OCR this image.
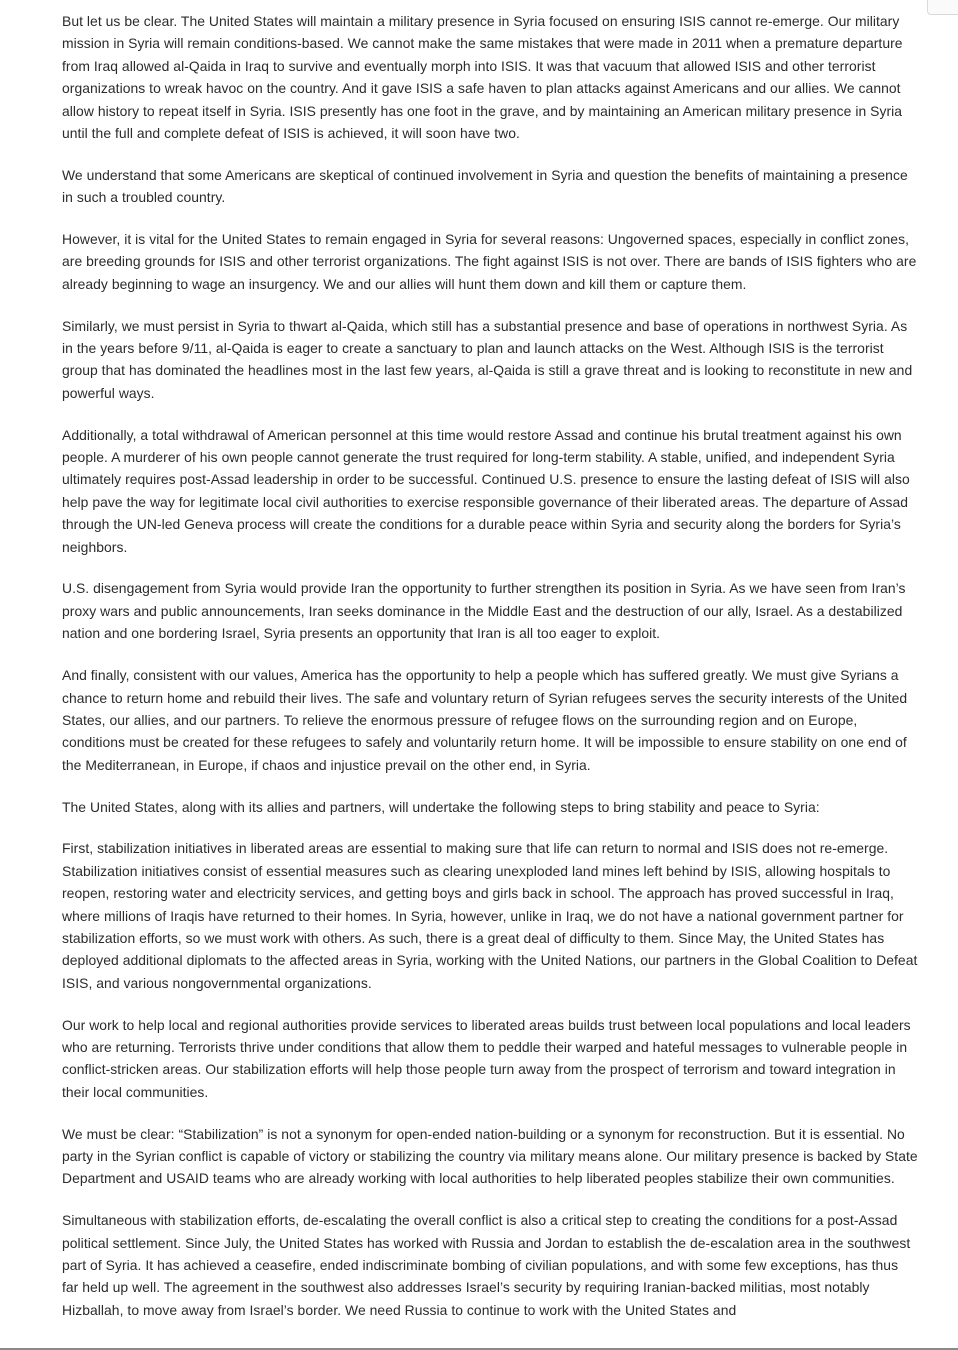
But let us be clear. The United States will maintain a military presence in Syria focused on ensuring ISIS cannot re-emerge. Our military mission in Syria will remain conditions-based. We cannot make the same mistakes that were made in 2011 when a premature departure from Iraq allowed al-Qaida in Iraq to survive and eventually morph into ISIS. It was that vacuum that allowed ISIS and other terrorist organizations to wreak havoc on the country. And it gave ISIS a safe haven to plan attacks against Americans and our allies. We cannot allow history to repeat itself in Syria. ISIS presently has one foot in the grave, and by maintaining an American military presence in Syria until the full and complete defeat of ISIS is achieved, it will soon have two.

We understand that some Americans are skeptical of continued involvement in Syria and question the benefits of maintaining a presence in such a troubled country.

However, it is vital for the United States to remain engaged in Syria for several reasons: Ungoverned spaces, especially in conflict zones, are breeding grounds for ISIS and other terrorist organizations. The fight against ISIS is not over. There are bands of ISIS fighters who are already beginning to wage an insurgency. We and our allies will hunt them down and kill them or capture them.

Similarly, we must persist in Syria to thwart al-Qaida, which still has a substantial presence and base of operations in northwest Syria. As in the years before 9/11, al-Qaida is eager to create a sanctuary to plan and launch attacks on the West. Although ISIS is the terrorist group that has dominated the headlines most in the last few years, al-Qaida is still a grave threat and is looking to reconstitute in new and powerful ways.

Additionally, a total withdrawal of American personnel at this time would restore Assad and continue his brutal treatment against his own people. A murderer of his own people cannot generate the trust required for long-term stability. A stable, unified, and independent Syria ultimately requires post-Assad leadership in order to be successful. Continued U.S. presence to ensure the lasting defeat of ISIS will also help pave the way for legitimate local civil authorities to exercise responsible governance of their liberated areas. The departure of Assad through the UN-led Geneva process will create the conditions for a durable peace within Syria and security along the borders for Syria’s neighbors.

U.S. disengagement from Syria would provide Iran the opportunity to further strengthen its position in Syria. As we have seen from Iran’s proxy wars and public announcements, Iran seeks dominance in the Middle East and the destruction of our ally, Israel. As a destabilized nation and one bordering Israel, Syria presents an opportunity that Iran is all too eager to exploit.

And finally, consistent with our values, America has the opportunity to help a people which has suffered greatly. We must give Syrians a chance to return home and rebuild their lives. The safe and voluntary return of Syrian refugees serves the security interests of the United States, our allies, and our partners. To relieve the enormous pressure of refugee flows on the surrounding region and on Europe, conditions must be created for these refugees to safely and voluntarily return home. It will be impossible to ensure stability on one end of the Mediterranean, in Europe, if chaos and injustice prevail on the other end, in Syria.

The United States, along with its allies and partners, will undertake the following steps to bring stability and peace to Syria:

First, stabilization initiatives in liberated areas are essential to making sure that life can return to normal and ISIS does not re-emerge. Stabilization initiatives consist of essential measures such as clearing unexploded land mines left behind by ISIS, allowing hospitals to reopen, restoring water and electricity services, and getting boys and girls back in school. The approach has proved successful in Iraq, where millions of Iraqis have returned to their homes. In Syria, however, unlike in Iraq, we do not have a national government partner for stabilization efforts, so we must work with others. As such, there is a great deal of difficulty to them. Since May, the United States has deployed additional diplomats to the affected areas in Syria, working with the United Nations, our partners in the Global Coalition to Defeat ISIS, and various nongovernmental organizations.

Our work to help local and regional authorities provide services to liberated areas builds trust between local populations and local leaders who are returning. Terrorists thrive under conditions that allow them to peddle their warped and hateful messages to vulnerable people in conflict-stricken areas. Our stabilization efforts will help those people turn away from the prospect of terrorism and toward integration in their local communities.

We must be clear: “Stabilization” is not a synonym for open-ended nation-building or a synonym for reconstruction. But it is essential. No party in the Syrian conflict is capable of victory or stabilizing the country via military means alone. Our military presence is backed by State Department and USAID teams who are already working with local authorities to help liberated peoples stabilize their own communities.

Simultaneous with stabilization efforts, de-escalating the overall conflict is also a critical step to creating the conditions for a post-Assad political settlement. Since July, the United States has worked with Russia and Jordan to establish the de-escalation area in the southwest part of Syria. It has achieved a ceasefire, ended indiscriminate bombing of civilian populations, and with some few exceptions, has thus far held up well. The agreement in the southwest also addresses Israel’s security by requiring Iranian-backed militias, most notably Hizballah, to move away from Israel’s border. We need Russia to continue to work with the United States and
